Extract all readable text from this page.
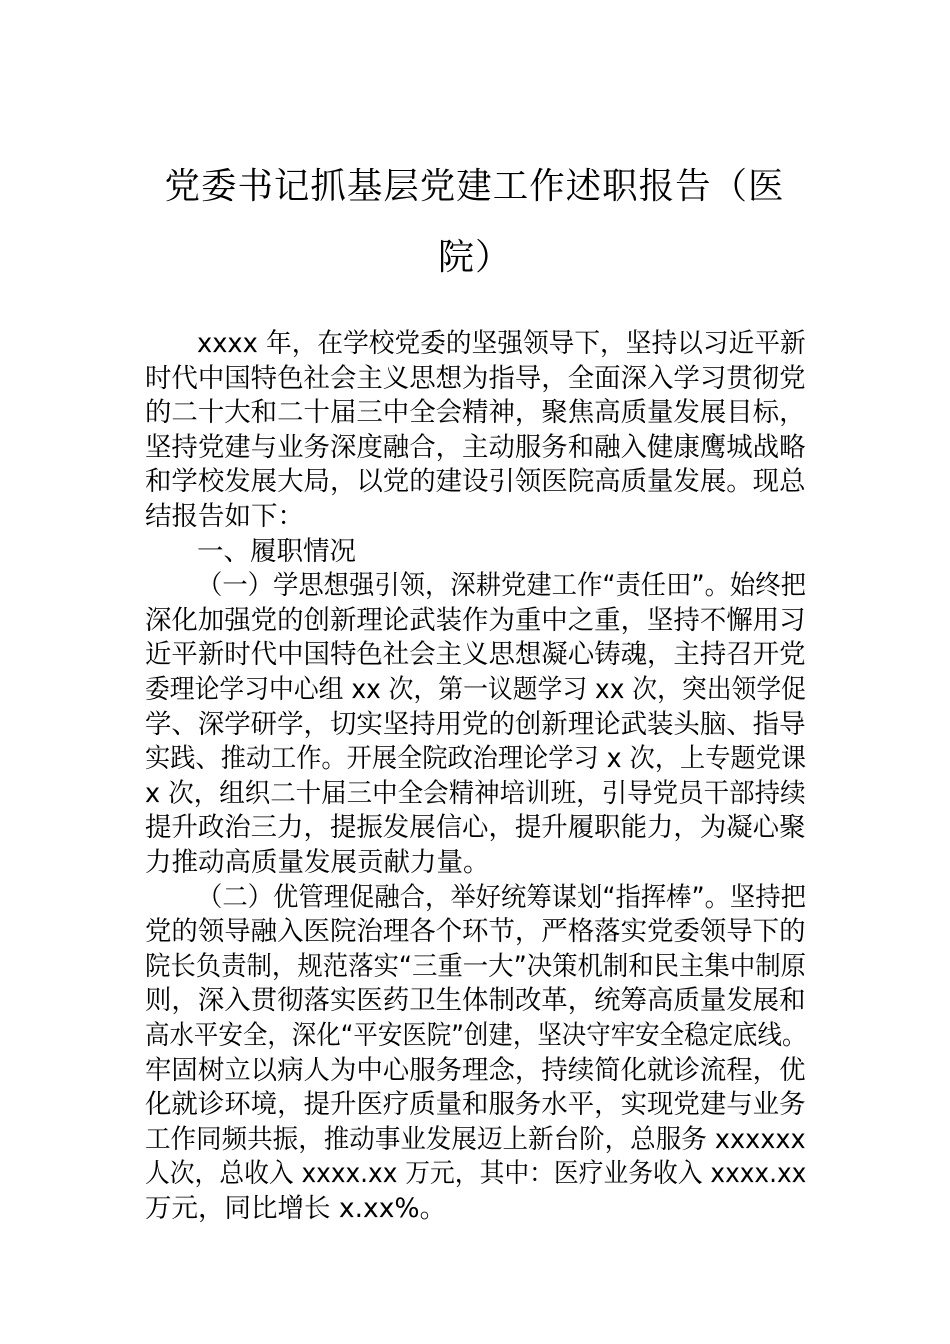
党委书记抓基层党建工作述职报告（医
院）
xxxx 年，在学校党委的坚强领导下，坚持以习近平新
时代中国特色社会主义思想为指导，全面深入学习贯彻党
的二十大和二十届三中全会精神，聚焦高质量发展目标，
坚持党建与业务深度融合，主动服务和融入健康鹰城战略
和学校发展大局，以党的建设引领医院高质量发展。现总
结报告如下：
一、履职情况
（一）学思想强引领，深耕党建工作“责任田”。始终把
深化加强党的创新理论武装作为重中之重，坚持不懈用习
近平新时代中国特色社会主义思想凝心铸魂，主持召开党
委理论学习中心组 xx 次，第一议题学习 xx 次，突出领学促
学、深学研学，切实坚持用党的创新理论武装头脑、指导
实践、推动工作。开展全院政治理论学习 x 次，上专题党课
x 次，组织二十届三中全会精神培训班，引导党员干部持续
提升政治三力，提振发展信心，提升履职能力，为凝心聚
力推动高质量发展贡献力量。
（二）优管理促融合，举好统筹谋划“指挥棒”。坚持把
党的领导融入医院治理各个环节，严格落实党委领导下的
院长负责制，规范落实“三重一大”决策机制和民主集中制原
则，深入贯彻落实医药卫生体制改革，统筹高质量发展和
高水平安全，深化“平安医院”创建，坚决守牢安全稳定底线。
牢固树立以病人为中心服务理念，持续简化就诊流程，优
化就诊环境，提升医疗质量和服务水平，实现党建与业务
工作同频共振，推动事业发展迈上新台阶，总服务 xxxxxx
人次，总收入 xxxx.xx 万元，其中：医疗业务收入 xxxx.xx
万元，同比增长 x.xx%。
